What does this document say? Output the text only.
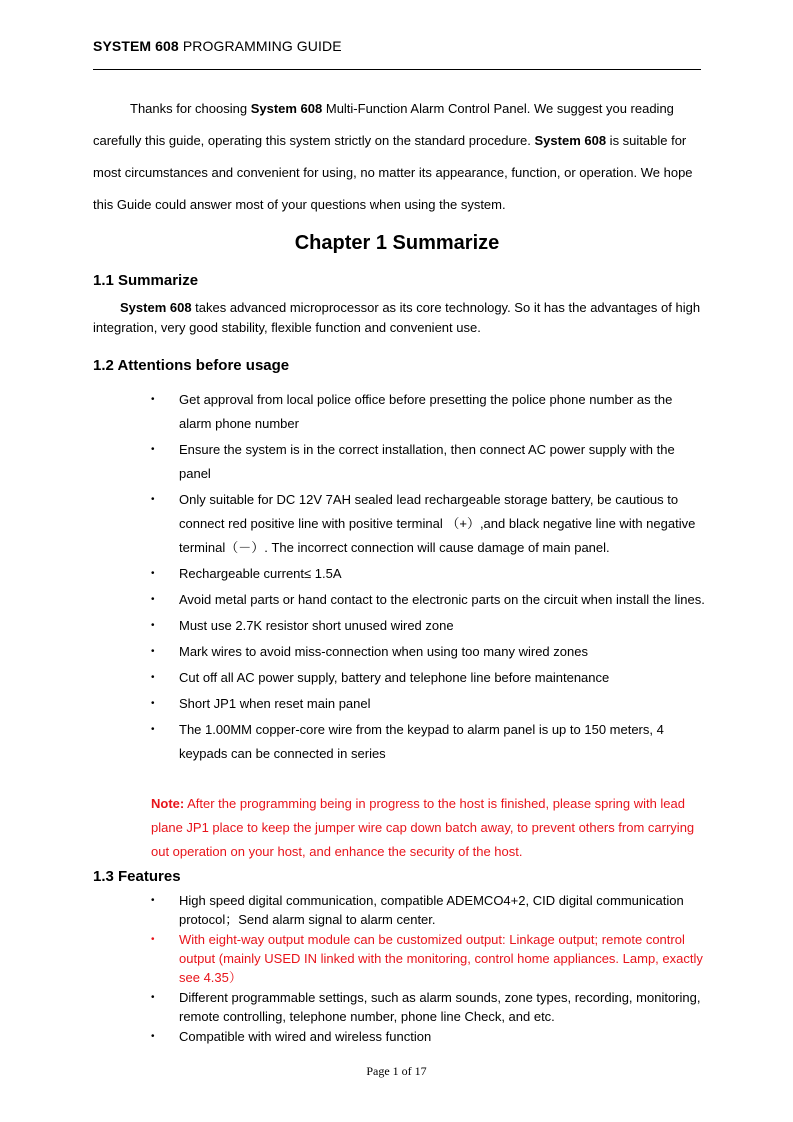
SYSTEM 608 PROGRAMMING GUIDE

Thanks for choosing System 608 Multi-Function Alarm Control Panel. We suggest you reading carefully this guide, operating this system strictly on the standard procedure. System 608 is suitable for most circumstances and convenient for using, no matter its appearance, function, or operation. We hope this Guide could answer most of your questions when using the system.

Chapter 1 Summarize
1.1 Summarize

System 608 takes advanced microprocessor as its core technology. So it has the advantages of high integration, very good stability, flexible function and convenient use.

1.2 Attentions before usage
• Get approval from local police office before presetting the police phone number as the alarm phone number
• Ensure the system is in the correct installation, then connect AC power supply with the panel
• Only suitable for DC 12V 7AH sealed lead rechargeable storage battery, be cautious to connect red positive line with positive terminal （+）,and black negative line with negative terminal（－）. The incorrect connection will cause damage of main panel.
• Rechargeable current≤ 1.5A
• Avoid metal parts or hand contact to the electronic parts on the circuit when install the lines.
• Must use 2.7K resistor short unused wired zone
• Mark wires to avoid miss-connection when using too many wired zones
• Cut off all AC power supply, battery and telephone line before maintenance
• Short JP1 when reset main panel
• The 1.00MM copper-core wire from the keypad to alarm panel is up to 150 meters, 4 keypads can be connected in series

Note: After the programming being in progress to the host is finished, please spring with lead plane JP1 place to keep the jumper wire cap down batch away, to prevent others from carrying out operation on your host, and enhance the security of the host.

1.3 Features
• High speed digital communication, compatible ADEMCO4+2, CID digital communication protocol；Send alarm signal to alarm center.
• With eight-way output module can be customized output: Linkage output; remote control output (mainly USED IN linked with the monitoring, control home appliances. Lamp, exactly see 4.35）
• Different programmable settings, such as alarm sounds, zone types, recording, monitoring, remote controlling, telephone number, phone line Check, and etc.
• Compatible with wired and wireless function
Page 1 of 17
